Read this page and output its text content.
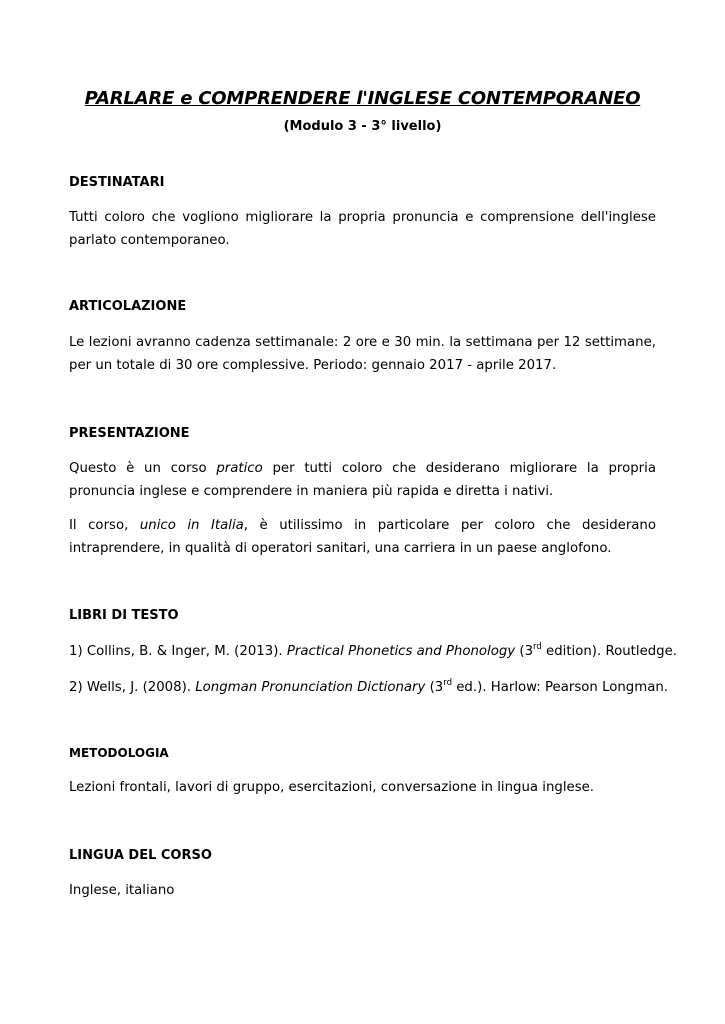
PARLARE e COMPRENDERE l'INGLESE CONTEMPORANEO
(Modulo 3 - 3° livello)
DESTINATARI
Tutti coloro che vogliono migliorare la propria pronuncia e comprensione dell'inglese parlato contemporaneo.
ARTICOLAZIONE
Le lezioni avranno cadenza settimanale: 2 ore e 30 min. la settimana per 12 settimane, per un totale di 30 ore complessive. Periodo: gennaio 2017 - aprile 2017.
PRESENTAZIONE
Questo è un corso pratico per tutti coloro che desiderano migliorare la propria pronuncia inglese e comprendere in maniera più rapida e diretta i nativi.
Il corso, unico in Italia, è utilissimo in particolare per coloro che desiderano intraprendere, in qualità di operatori sanitari, una carriera in un paese anglofono.
LIBRI DI TESTO
1) Collins, B. & Inger, M. (2013). Practical Phonetics and Phonology (3rd edition). Routledge.
2) Wells, J. (2008). Longman Pronunciation Dictionary (3rd ed.). Harlow: Pearson Longman.
METODOLOGIA
Lezioni frontali, lavori di gruppo, esercitazioni, conversazione in lingua inglese.
LINGUA DEL CORSO
Inglese, italiano
